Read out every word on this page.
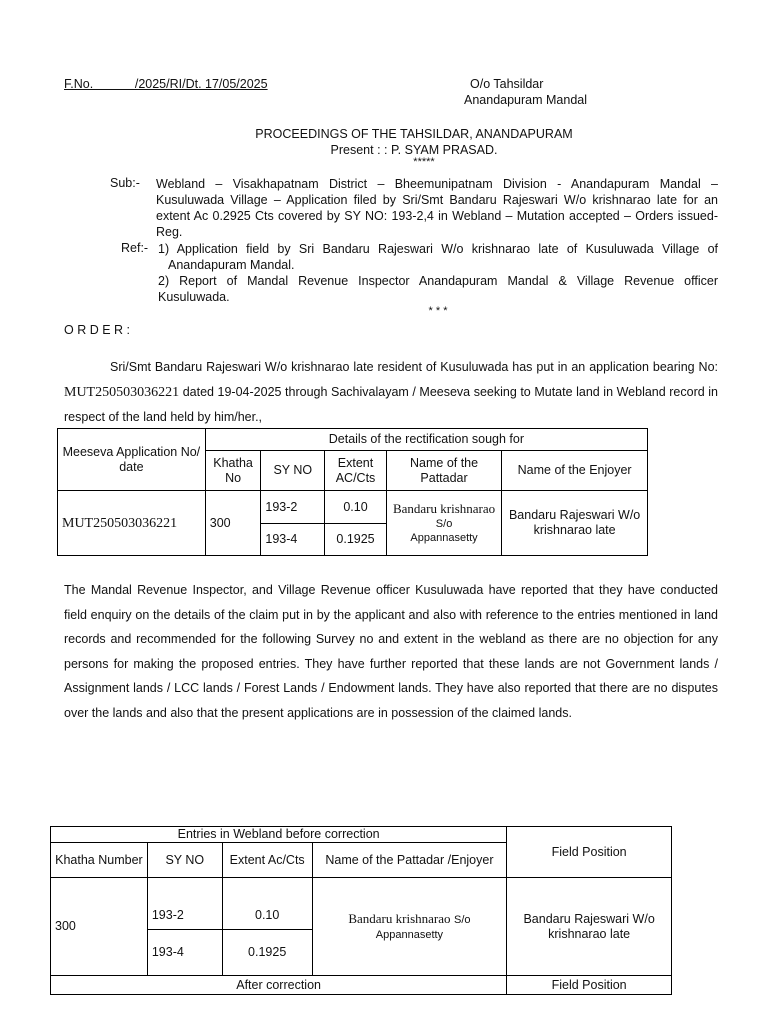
F.No.            /2025/RI/Dt. 17/05/2025	O/o Tahsildar
Anandapuram Mandal
PROCEEDINGS OF THE TAHSILDAR, ANANDAPURAM
Present : : P. SYAM PRASAD.
*****
Sub:- Webland – Visakhapatnam District – Bheemunipatnam Division - Anandapuram Mandal – Kusuluwada Village – Application filed by Sri/Smt Bandaru Rajeswari W/o krishnarao late for an extent Ac 0.2925 Cts covered by SY NO: 193-2,4 in Webland – Mutation accepted – Orders issued- Reg.
Ref:- 1) Application field by Sri Bandaru Rajeswari W/o krishnarao late of Kusuluwada Village of Anandapuram Mandal.
2) Report of Mandal Revenue Inspector Anandapuram Mandal & Village Revenue officer Kusuluwada.
* * *
O R D E R :
Sri/Smt Bandaru Rajeswari W/o krishnarao late resident of Kusuluwada has put in an application bearing No: MUT250503036221 dated 19-04-2025 through Sachivalayam / Meeseva seeking to Mutate land in Webland record in respect of the land held by him/her.,
Meeseva Application No/ date	Details of the rectification sough for				
	Khatha No	SY NO	Extent AC/Cts	Name of the Pattadar	Name of the Enjoyer
MUT250503036221	300	193-2	0.10	Bandaru krishnarao
S/o
Appannasetty	Bandaru Rajeswari W/o krishnarao late
		193-4	0.1925		
The Mandal Revenue Inspector, and Village Revenue officer Kusuluwada have reported that they have conducted field enquiry on the details of the claim put in by the applicant and also with reference to the entries mentioned in land records and recommended for the following Survey no and extent in the webland as there are no objection for any persons for making the proposed entries. They have further reported that these lands are not Government lands / Assignment lands / LCC lands / Forest Lands / Endowment lands. They have also reported that there are no disputes over the lands and also that the present applications are in possession of the claimed lands.
Entries in Webland before correction				Field Position
Khatha Number	SY NO	Extent Ac/Cts	Name of the Pattadar /Enjoyer	
300	193-2	0.10	Bandaru krishnarao S/o
Appannasetty	Bandaru Rajeswari W/o krishnarao late
	193-4	0.1925		
After correction				Field Position
